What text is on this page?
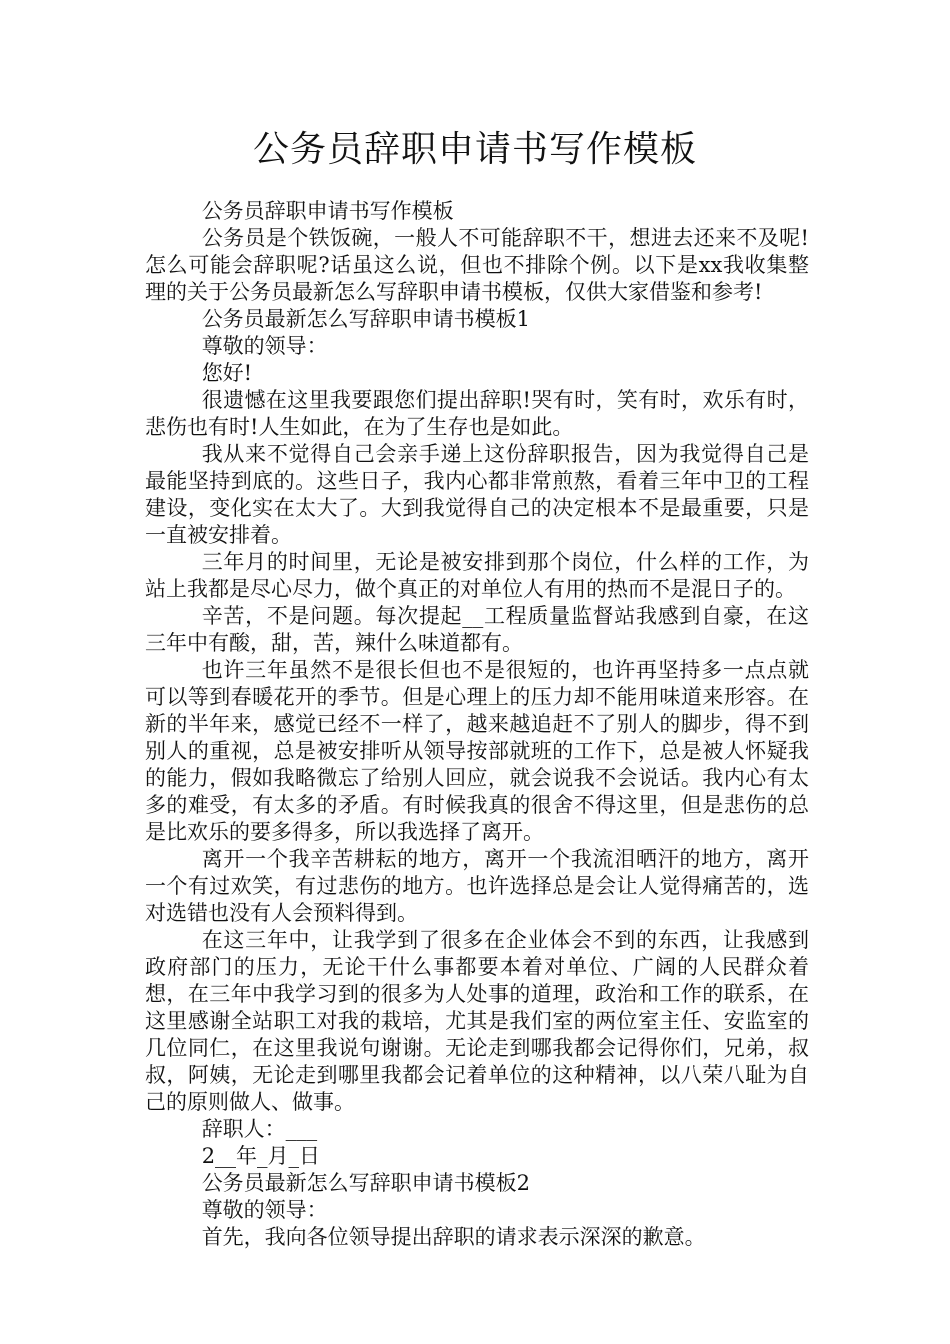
公务员辞职申请书写作模板

公务员辞职申请书写作模板

公务员是个铁饭碗，一般人不可能辞职不干，想进去还来不及呢!怎么可能会辞职呢?话虽这么说，但也不排除个例。以下是xx我收集整理的关于公务员最新怎么写辞职申请书模板，仅供大家借鉴和参考!

公务员最新怎么写辞职申请书模板1

尊敬的领导：

您好!

很遗憾在这里我要跟您们提出辞职!哭有时，笑有时，欢乐有时，悲伤也有时!人生如此，在为了生存也是如此。

我从来不觉得自己会亲手递上这份辞职报告，因为我觉得自己是最能坚持到底的。这些日子，我内心都非常煎熬，看着三年中卫的工程建设，变化实在太大了。大到我觉得自己的决定根本不是最重要，只是一直被安排着。

三年月的时间里，无论是被安排到那个岗位，什么样的工作，为站上我都是尽心尽力，做个真正的对单位人有用的热而不是混日子的。

辛苦，不是问题。每次提起__工程质量监督站我感到自豪，在这三年中有酸，甜，苦，辣什么味道都有。

也许三年虽然不是很长但也不是很短的，也许再坚持多一点点就可以等到春暖花开的季节。但是心理上的压力却不能用味道来形容。在新的半年来，感觉已经不一样了，越来越追赶不了别人的脚步，得不到别人的重视，总是被安排听从领导按部就班的工作下，总是被人怀疑我的能力，假如我略微忘了给别人回应，就会说我不会说话。我内心有太多的难受，有太多的矛盾。有时候我真的很舍不得这里，但是悲伤的总是比欢乐的要多得多，所以我选择了离开。

离开一个我辛苦耕耘的地方，离开一个我流泪晒汗的地方，离开一个有过欢笑，有过悲伤的地方。也许选择总是会让人觉得痛苦的，选对选错也没有人会预料得到。

在这三年中，让我学到了很多在企业体会不到的东西，让我感到政府部门的压力，无论干什么事都要本着对单位、广阔的人民群众着想，在三年中我学习到的很多为人处事的道理，政治和工作的联系，在这里感谢全站职工对我的栽培，尤其是我们室的两位室主任、安监室的几位同仁，在这里我说句谢谢。无论走到哪我都会记得你们，兄弟，叔叔，阿姨，无论走到哪里我都会记着单位的这种精神，以八荣八耻为自己的原则做人、做事。

辞职人：___

2__年_月_日

公务员最新怎么写辞职申请书模板2

尊敬的领导：

首先，我向各位领导提出辞职的请求表示深深的歉意。
